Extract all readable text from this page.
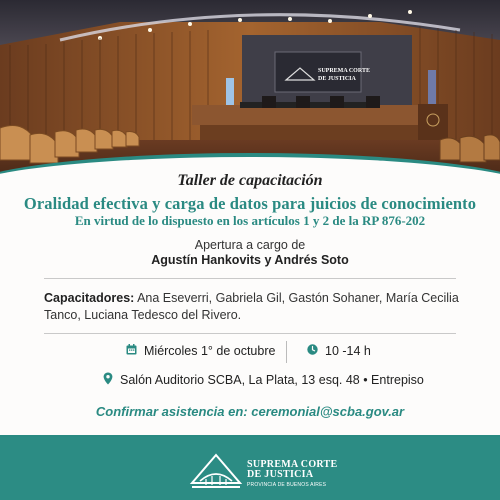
SUPREMA CORTE
DE JUSTICIA
Taller de capacitación
Oralidad efectiva y carga de datos para juicios de conocimiento
En virtud de lo dispuesto en los artículos 1 y 2 de la RP 876-202
Apertura a cargo de
Agustín Hankovits y Andrés Soto
Capacitadores: Ana Eseverri, Gabriela Gil, Gastón Sohaner, María Cecilia Tanco, Luciana Tedesco del Rivero.
Miércoles 1° de octubre	10 -14 h
Salón Auditorio SCBA, La Plata, 13 esq. 48 • Entrepiso
Confirmar asistencia en: ceremonial@scba.gov.ar
SUPREMA CORTE
DE JUSTICIA
PROVINCIA DE BUENOS AIRES
